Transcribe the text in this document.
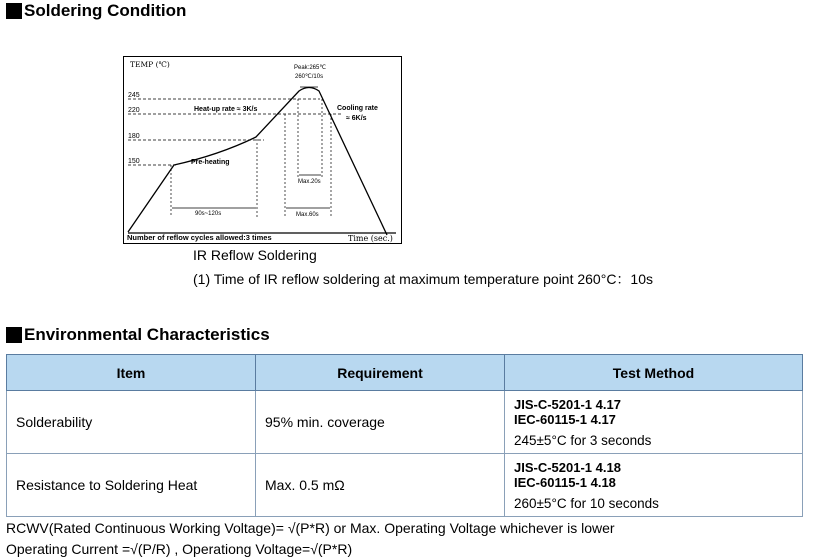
Soldering Condition
245
220
180
150
TEMP (℃)	Peak:265℃
260℃/10s
Heat-up rate ≈ 3K/s	Cooling rate
≈ 6K/s
Pre-heating
90s~120s
Max.20s
Max.60s
Number of reflow cycles allowed:3 times	Time (sec.)
IR Reflow Soldering
(1) Time of IR reflow soldering at maximum temperature point 260°C：10s
Environmental Characteristics
Item	Requirement	Test Method
Solderability	95% min. coverage	JIS-C-5201-1 4.17
IEC-60115-1 4.17
245±5°C for 3 seconds

Resistance to Soldering Heat	Max. 0.5 mΩ	JIS-C-5201-1 4.18
IEC-60115-1 4.18
260±5°C for 10 seconds
RCWV(Rated Continuous Working Voltage)= √(P*R) or Max. Operating Voltage whichever is lower
Operating Current =√(P/R) , Operationg Voltage=√(P*R)
